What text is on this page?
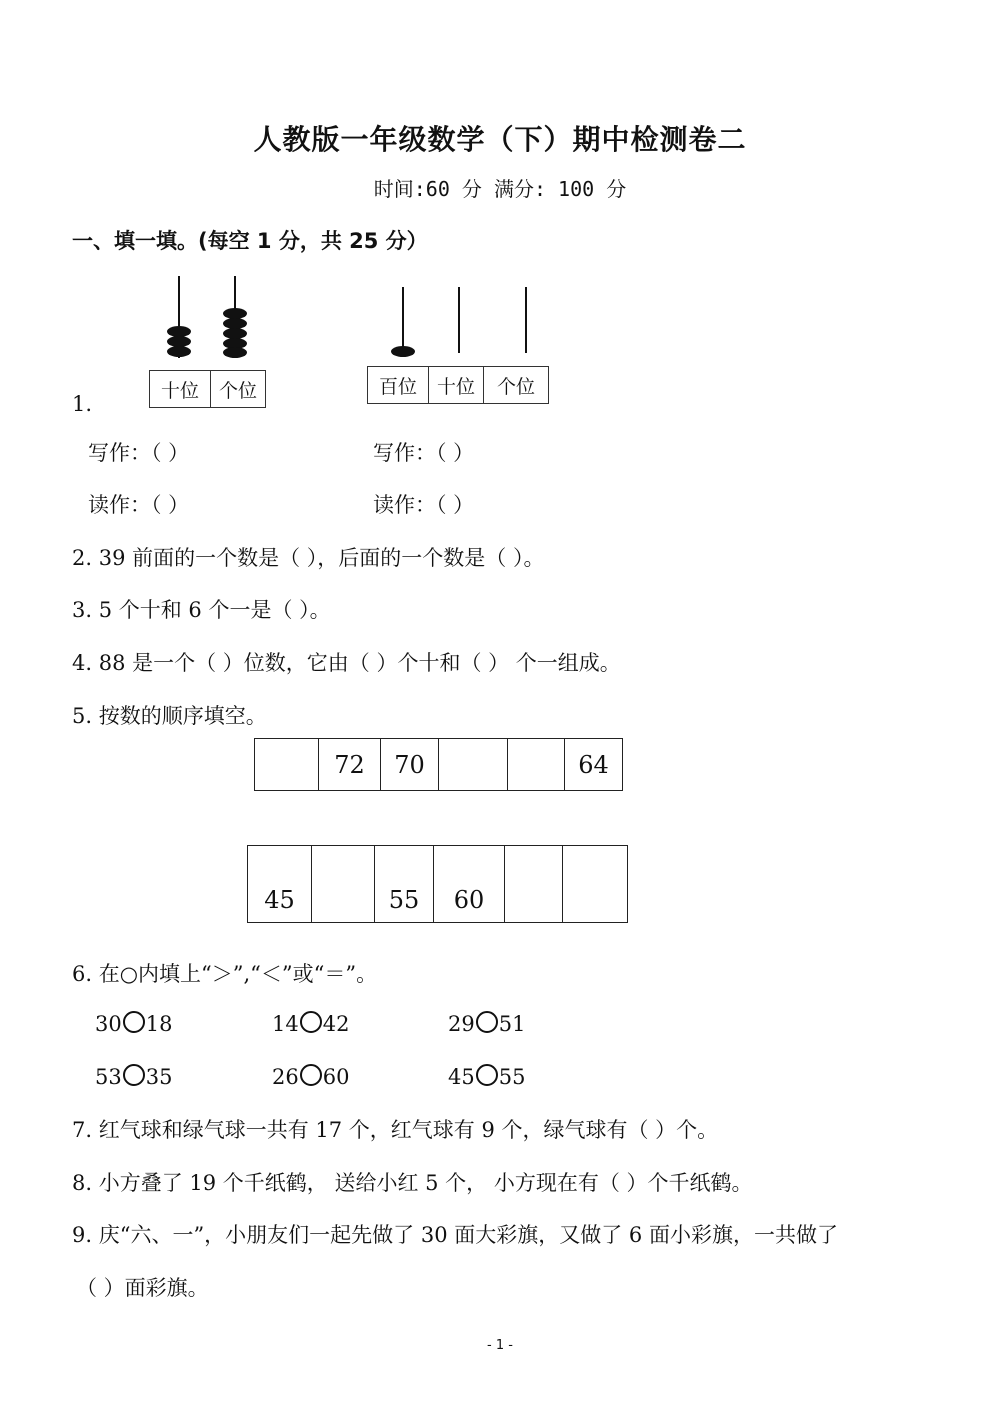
人教版一年级数学（下）期中检测卷二
时间:60 分 满分: 100 分
一、填一填。(每空 1 分，共 25 分）
十位	个位	百位	十位	个位
1.
写作：（ ）
读作：（ ）
写作：（ ）
读作：（ ）
2. 39 前面的一个数是（ ），后面的一个数是（ ）。
3. 5 个十和 6 个一是（ ）。
4. 88 是一个（ ）位数，它由（ ）个十和（ ） 个一组成。
5. 按数的顺序填空。
	72	70			64
45		55	60		
6. 在○内填上“＞”,“＜”或“＝”。
30 18	14 42	29 51
53 35	26 60	45 55
7. 红气球和绿气球一共有 17 个，红气球有 9 个，绿气球有（ ）个。
8. 小方叠了 19 个千纸鹤， 送给小红 5 个， 小方现在有（ ）个千纸鹤。
9. 庆“六、一”，小朋友们一起先做了 30 面大彩旗，又做了 6 面小彩旗，一共做了
（ ）面彩旗。
- 1 -
